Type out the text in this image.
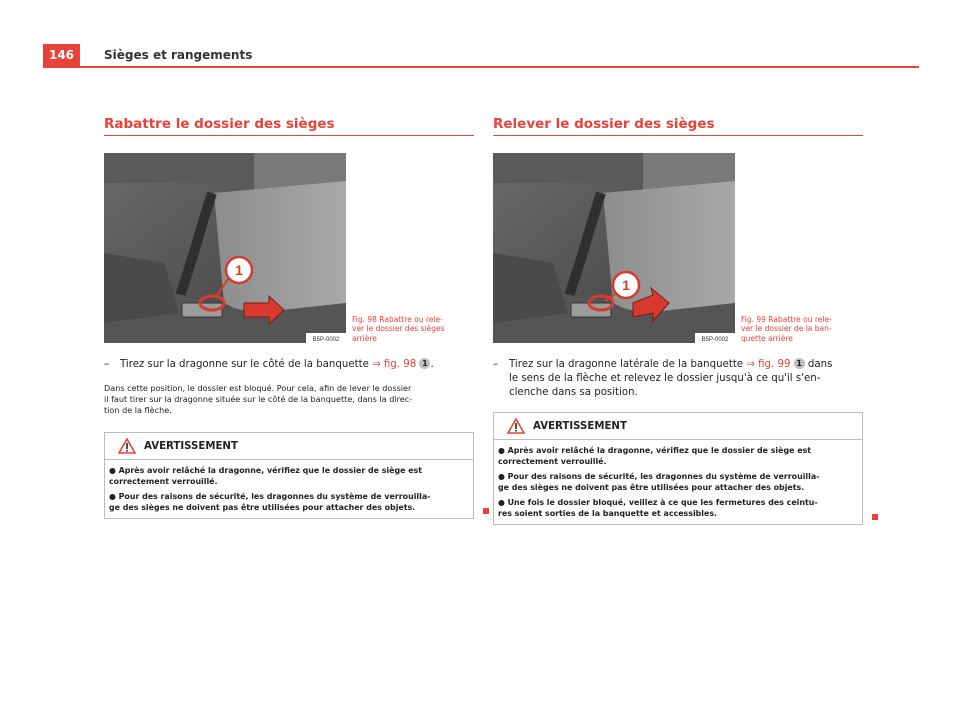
146	Sièges et rangements
Rabattre le dossier des sièges
1
B5P-0002
Fig. 98 Rabattre ou rele-
ver le dossier des sièges
arrière
–	Tirez sur la dragonne sur le côté de la banquette ⇒ fig. 98 1 .
Dans cette position, le dossier est bloqué. Pour cela, afin de lever le dossier
il faut tirer sur la dragonne située sur le côté de la banquette, dans la direc-
tion de la flèche.
AVERTISSEMENT
● Après avoir relâché la dragonne, vérifiez que le dossier de siège est
correctement verrouillé.
● Pour des raisons de sécurité, les dragonnes du système de verrouilla-
ge des sièges ne doivent pas être utilisées pour attacher des objets.
Relever le dossier des sièges
1
B5P-0002
Fig. 99 Rabattre ou rele-
ver le dossier de la ban-
quette arrière
–	Tirez sur la dragonne latérale de la banquette ⇒ fig. 99 1 dans
le sens de la flèche et relevez le dossier jusqu'à ce qu'il s'en-
clenche dans sa position.
AVERTISSEMENT
● Après avoir relâché la dragonne, vérifiez que le dossier de siège est
correctement verrouillé.
● Pour des raisons de sécurité, les dragonnes du système de verrouilla-
ge des sièges ne doivent pas être utilisées pour attacher des objets.
● Une fois le dossier bloqué, veillez à ce que les fermetures des ceintu-
res soient sorties de la banquette et accessibles.
